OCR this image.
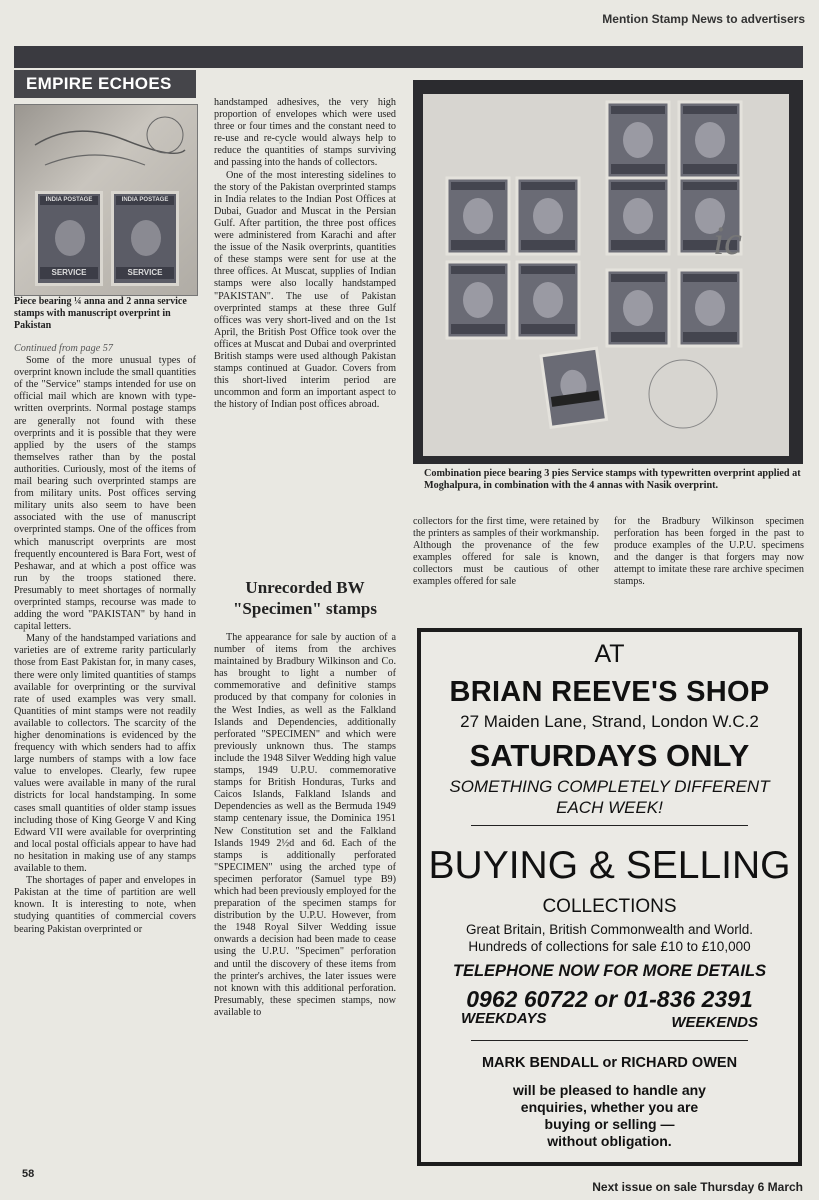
Mention Stamp News to advertisers
EMPIRE ECHOES
INDIA POSTAGE
SERVICE
INDIA POSTAGE
SERVICE
Piece bearing ¼ anna and 2 anna service stamps with manuscript overprint in Pakistan
Continued from page 57

Some of the more unusual types of overprint known include the small quantities of the "Service" stamps intended for use on official mail which are known with type-written overprints. Normal postage stamps are generally not found with these overprints and it is possible that they were applied by the users of the stamps themselves rather than by the postal authorities. Curiously, most of the items of mail bearing such overprinted stamps are from military units. Post offices serving military units also seem to have been associated with the use of manuscript overprinted stamps. One of the offices from which manuscript overprints are most frequently encountered is Bara Fort, west of Peshawar, and at which a post office was run by the troops stationed there. Presumably to meet shortages of normally overprinted stamps, recourse was made to adding the word "PAKISTAN" by hand in capital letters.

Many of the handstamped variations and varieties are of extreme rarity particularly those from East Pakistan for, in many cases, there were only limited quantities of stamps available for overprinting or the survival rate of used examples was very small. Quantities of mint stamps were not readily available to collectors. The scarcity of the higher denominations is evidenced by the frequency with which senders had to affix large numbers of stamps with a low face value to envelopes. Clearly, few rupee values were available in many of the rural districts for local handstamping. In some cases small quantities of older stamp issues including those of King George V and King Edward VII were available for overprinting and local postal officials appear to have had no hesitation in making use of any stamps available to them.

The shortages of paper and envelopes in Pakistan at the time of partition are well known. It is interesting to note, when studying quantities of commercial covers bearing Pakistan overprinted or

handstamped adhesives, the very high proportion of envelopes which were used three or four times and the constant need to re-use and re-cycle would always help to reduce the quantities of stamps surviving and passing into the hands of collectors.

One of the most interesting sidelines to the story of the Pakistan overprinted stamps in India relates to the Indian Post Offices at Dubai, Guador and Muscat in the Persian Gulf. After partition, the three post offices were administered from Karachi and after the issue of the Nasik overprints, quantities of these stamps were sent for use at the three offices. At Muscat, supplies of Indian stamps were also locally handstamped "PAKISTAN". The use of Pakistan overprinted stamps at these three Gulf offices was very short-lived and on the 1st April, the British Post Office took over the offices at Muscat and Dubai and overprinted British stamps were used although Pakistan stamps continued at Guador. Covers from this short-lived interim period are uncommon and form an important aspect to the history of Indian post offices abroad.

Unrecorded BW "Specimen" stamps

The appearance for sale by auction of a number of items from the archives maintained by Bradbury Wilkinson and Co. has brought to light a number of commemorative and definitive stamps produced by that company for colonies in the West Indies, as well as the Falkland Islands and Dependencies, additionally perforated "SPECIMEN" and which were previously unknown thus. The stamps include the 1948 Silver Wedding high value stamps, 1949 U.P.U. commemorative stamps for British Honduras, Turks and Caicos Islands, Falkland Islands and Dependencies as well as the Bermuda 1949 stamp centenary issue, the Dominica 1951 New Constitution set and the Falkland Islands 1949 2½d and 6d. Each of the stamps is additionally perforated "SPECIMEN" using the arched type of specimen perforator (Samuel type B9) which had been previously employed for the preparation of the specimen stamps for distribution by the U.P.U. However, from the 1948 Royal Silver Wedding issue onwards a decision had been made to cease using the U.P.U. "Specimen" perforation and until the discovery of these items from the printer's archives, the later issues were not known with this additional perforation. Presumably, these specimen stamps, now available to

ic
Combination piece bearing 3 pies Service stamps with typewritten overprint applied at Moghalpura, in combination with the 4 annas with Nasik overprint.
collectors for the first time, were retained by the printers as samples of their workmanship. Although the provenance of the few examples offered for sale is known, collectors must be cautious of other examples offered for sale
for the Bradbury Wilkinson specimen perforation has been forged in the past to produce examples of the U.P.U. specimens and the danger is that forgers may now attempt to imitate these rare archive specimen stamps.
AT
BRIAN REEVE'S SHOP
27 Maiden Lane, Strand, London W.C.2
SATURDAYS ONLY
SOMETHING COMPLETELY DIFFERENT
EACH WEEK!
BUYING & SELLING
COLLECTIONS
Great Britain, British Commonwealth and World.
Hundreds of collections for sale £10 to £10,000
TELEPHONE NOW FOR MORE DETAILS
0962 60722 or 01-836 2391
WEEKDAYS	WEEKENDS
MARK BENDALL or RICHARD OWEN
will be pleased to handle any
enquiries, whether you are
buying or selling —
without obligation.
58
Next issue on sale Thursday 6 March
